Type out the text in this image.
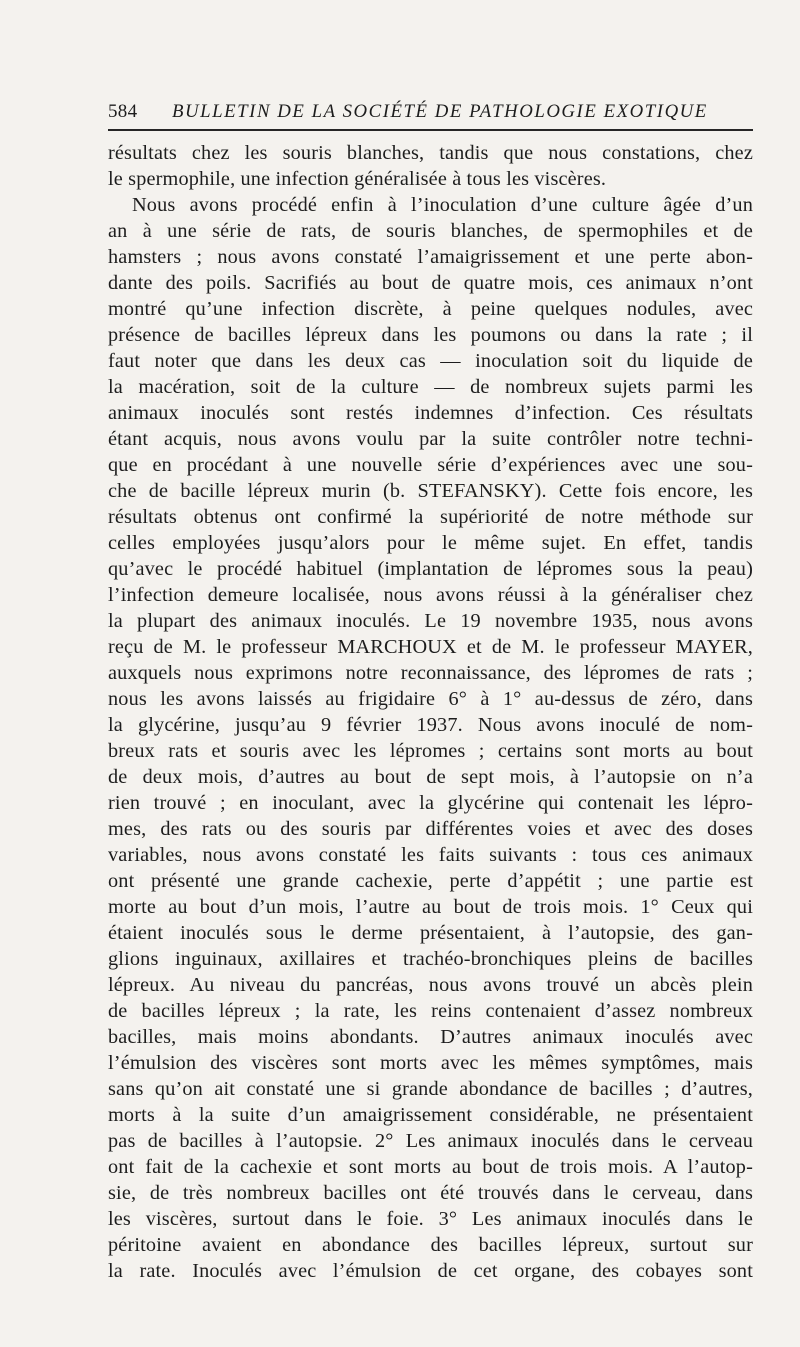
584 BULLETIN DE LA SOCIÉTÉ DE PATHOLOGIE EXOTIQUE
résultats chez les souris blanches, tandis que nous constations, chez
le spermophile, une infection généralisée à tous les viscères.
Nous avons procédé enfin à l’inoculation d’une culture âgée d’un
an à une série de rats, de souris blanches, de spermophiles et de
hamsters ; nous avons constaté l’amaigrissement et une perte abon-
dante des poils. Sacrifiés au bout de quatre mois, ces animaux n’ont
montré qu’une infection discrète, à peine quelques nodules, avec
présence de bacilles lépreux dans les poumons ou dans la rate ; il
faut noter que dans les deux cas — inoculation soit du liquide de
la macération, soit de la culture — de nombreux sujets parmi les
animaux inoculés sont restés indemnes d’infection. Ces résultats
étant acquis, nous avons voulu par la suite contrôler notre techni-
que en procédant à une nouvelle série d’expériences avec une sou-
che de bacille lépreux murin (b. STEFANSKY). Cette fois encore, les
résultats obtenus ont confirmé la supériorité de notre méthode sur
celles employées jusqu’alors pour le même sujet. En effet, tandis
qu’avec le procédé habituel (implantation de lépromes sous la peau)
l’infection demeure localisée, nous avons réussi à la généraliser chez
la plupart des animaux inoculés. Le 19 novembre 1935, nous avons
reçu de M. le professeur MARCHOUX et de M. le professeur MAYER,
auxquels nous exprimons notre reconnaissance, des lépromes de rats ;
nous les avons laissés au frigidaire 6° à 1° au-dessus de zéro, dans
la glycérine, jusqu’au 9 février 1937. Nous avons inoculé de nom-
breux rats et souris avec les lépromes ; certains sont morts au bout
de deux mois, d’autres au bout de sept mois, à l’autopsie on n’a
rien trouvé ; en inoculant, avec la glycérine qui contenait les lépro-
mes, des rats ou des souris par différentes voies et avec des doses
variables, nous avons constaté les faits suivants : tous ces animaux
ont présenté une grande cachexie, perte d’appétit ; une partie est
morte au bout d’un mois, l’autre au bout de trois mois. 1° Ceux qui
étaient inoculés sous le derme présentaient, à l’autopsie, des gan-
glions inguinaux, axillaires et trachéo-bronchiques pleins de bacilles
lépreux. Au niveau du pancréas, nous avons trouvé un abcès plein
de bacilles lépreux ; la rate, les reins contenaient d’assez nombreux
bacilles, mais moins abondants. D’autres animaux inoculés avec
l’émulsion des viscères sont morts avec les mêmes symptômes, mais
sans qu’on ait constaté une si grande abondance de bacilles ; d’autres,
morts à la suite d’un amaigrissement considérable, ne présentaient
pas de bacilles à l’autopsie. 2° Les animaux inoculés dans le cerveau
ont fait de la cachexie et sont morts au bout de trois mois. A l’autop-
sie, de très nombreux bacilles ont été trouvés dans le cerveau, dans
les viscères, surtout dans le foie. 3° Les animaux inoculés dans le
péritoine avaient en abondance des bacilles lépreux, surtout sur
la rate. Inoculés avec l’émulsion de cet organe, des cobayes sont
